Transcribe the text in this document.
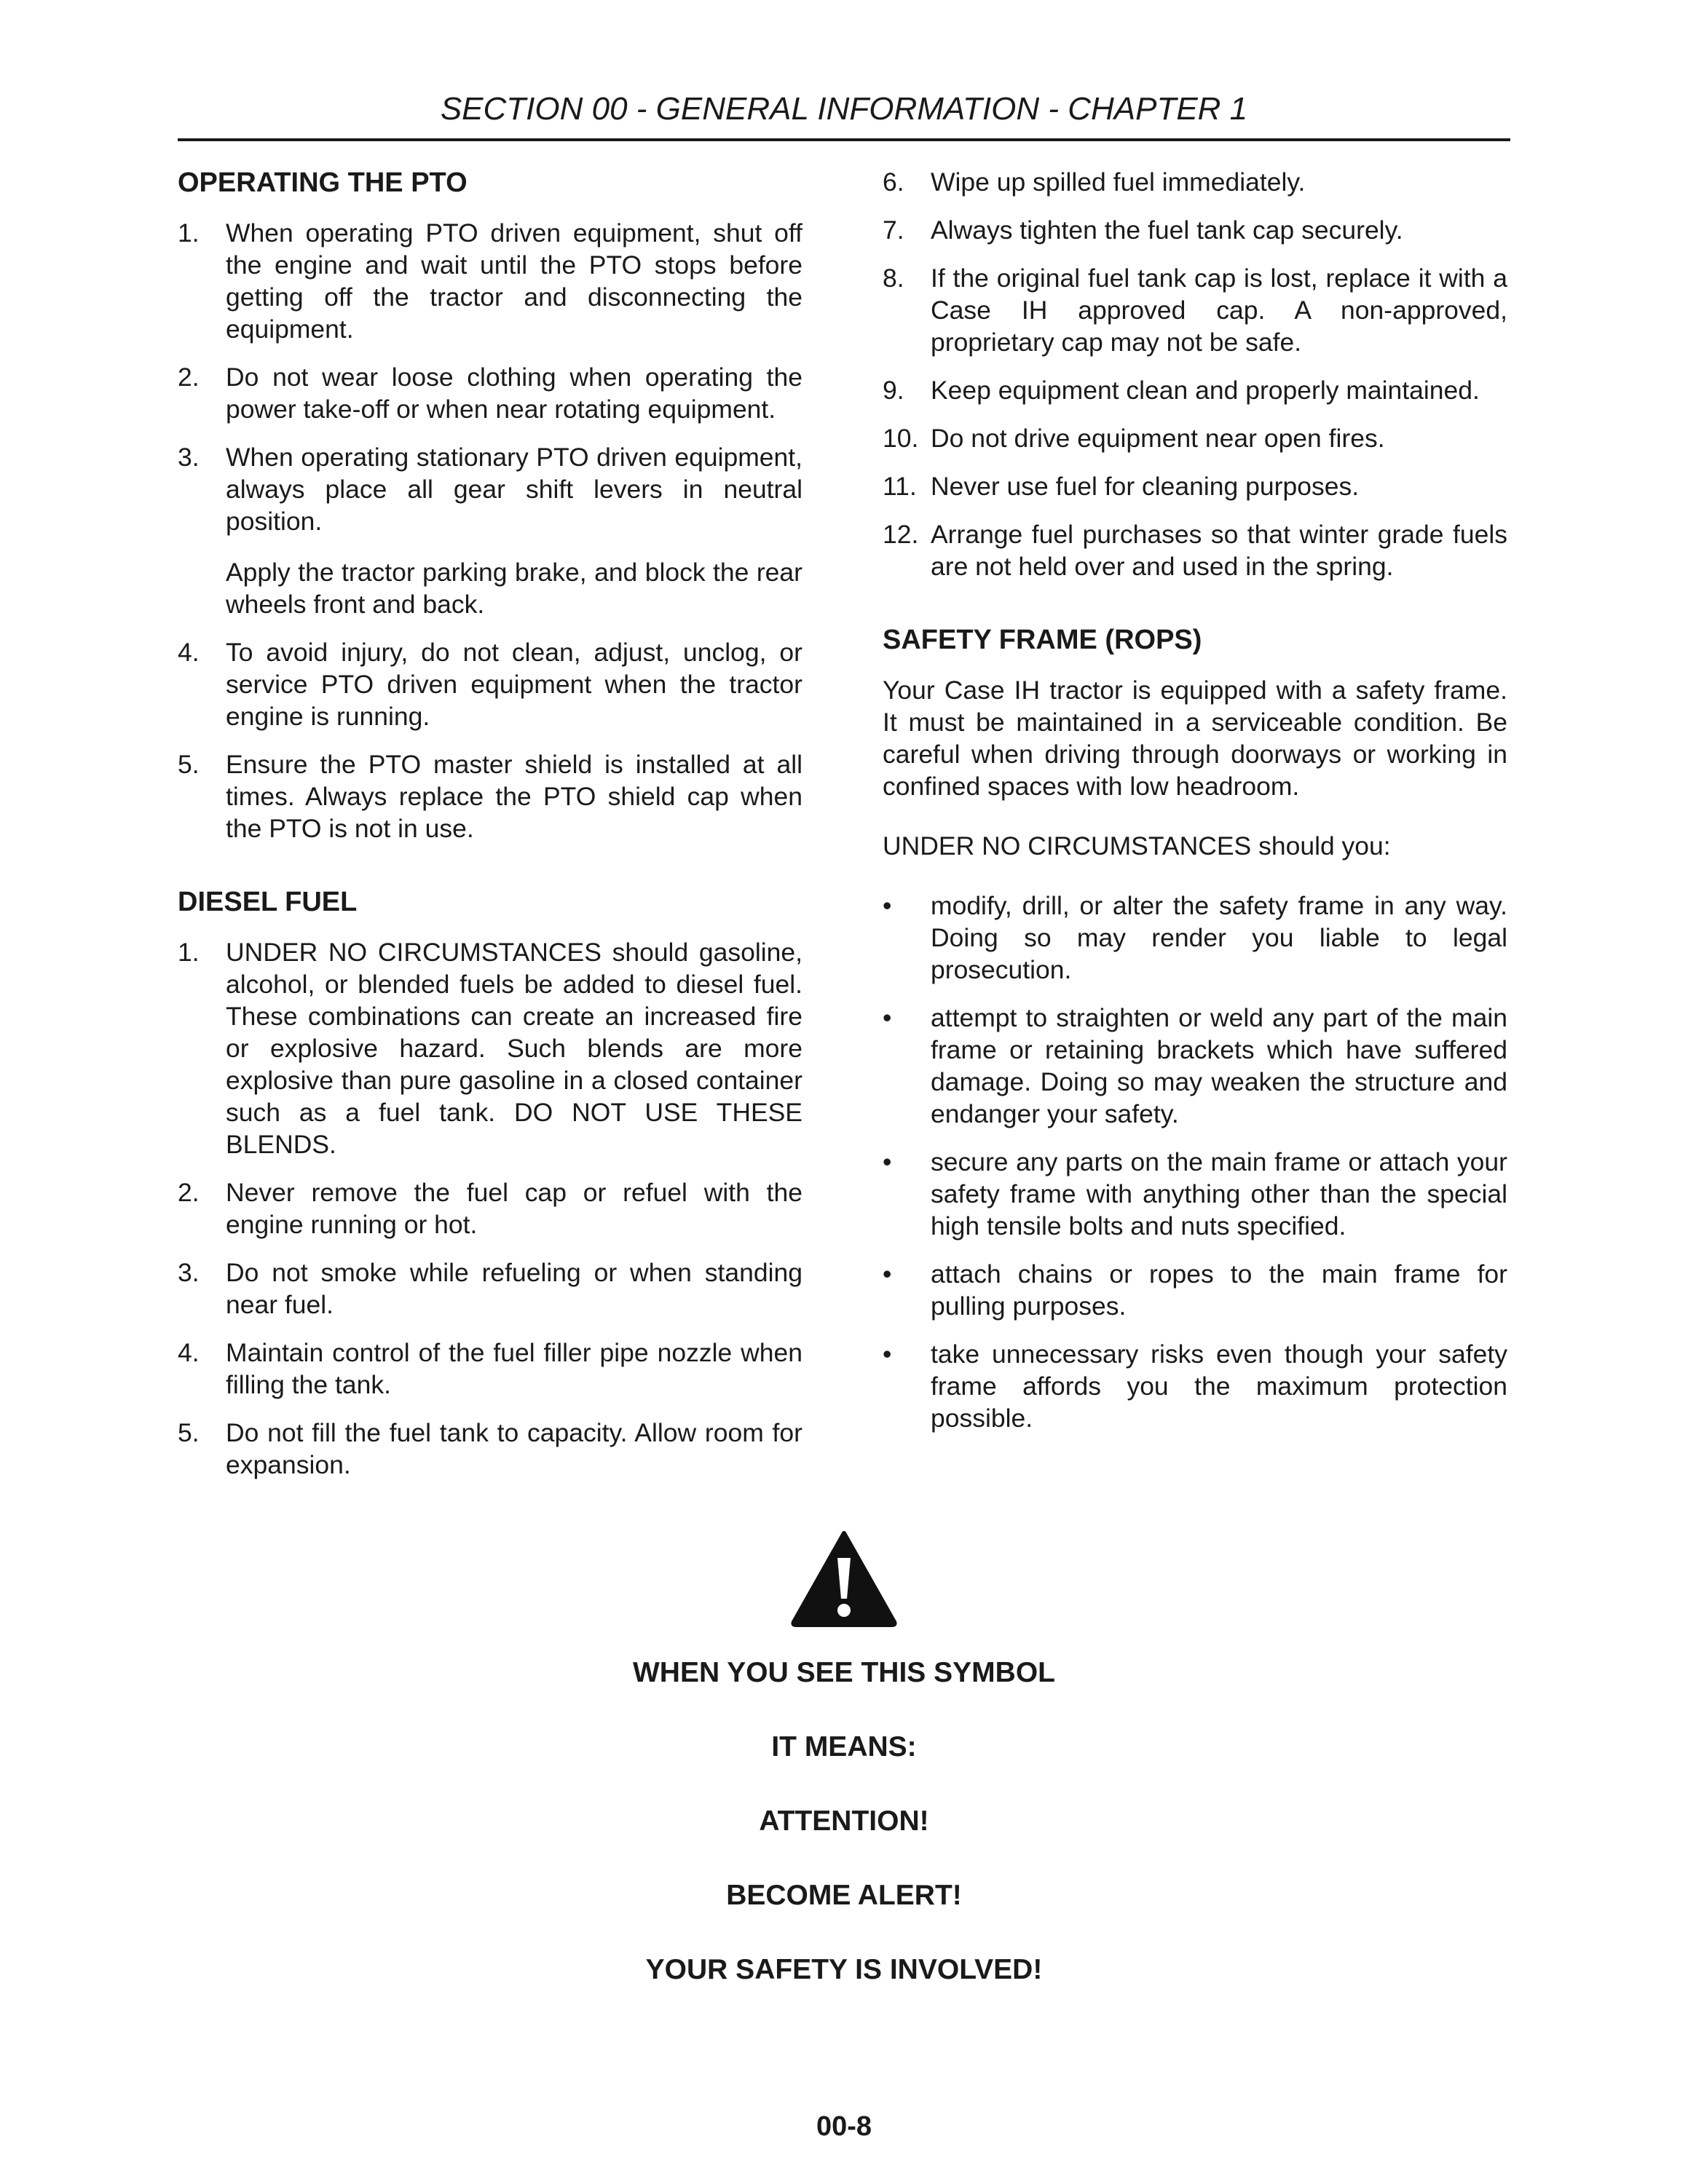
SECTION 00 - GENERAL INFORMATION - CHAPTER 1
OPERATING THE PTO
1. When operating PTO driven equipment, shut off the engine and wait until the PTO stops before getting off the tractor and disconnecting the equipment.

2. Do not wear loose clothing when operating the power take-off or when near rotating equipment.

3. When operating stationary PTO driven equipment, always place all gear shift levers in neutral position.

Apply the tractor parking brake, and block the rear wheels front and back.

4. To avoid injury, do not clean, adjust, unclog, or service PTO driven equipment when the tractor engine is running.

5. Ensure the PTO master shield is installed at all times. Always replace the PTO shield cap when the PTO is not in use.

DIESEL FUEL
1. UNDER NO CIRCUMSTANCES should gasoline, alcohol, or blended fuels be added to diesel fuel. These combinations can create an increased fire or explosive hazard. Such blends are more explosive than pure gasoline in a closed container such as a fuel tank. DO NOT USE THESE BLENDS.

2. Never remove the fuel cap or refuel with the engine running or hot.

3. Do not smoke while refueling or when standing near fuel.

4. Maintain control of the fuel filler pipe nozzle when filling the tank.

5. Do not fill the fuel tank to capacity. Allow room for expansion.

6. Wipe up spilled fuel immediately.

7. Always tighten the fuel tank cap securely.

8. If the original fuel tank cap is lost, replace it with a Case IH approved cap. A non-approved, proprietary cap may not be safe.

9. Keep equipment clean and properly maintained.

10. Do not drive equipment near open fires.

11. Never use fuel for cleaning purposes.

12. Arrange fuel purchases so that winter grade fuels are not held over and used in the spring.

SAFETY FRAME (ROPS)

Your Case IH tractor is equipped with a safety frame. It must be maintained in a serviceable condition. Be careful when driving through doorways or working in confined spaces with low headroom.

UNDER NO CIRCUMSTANCES should you:

• modify, drill, or alter the safety frame in any way. Doing so may render you liable to legal prosecution.

• attempt to straighten or weld any part of the main frame or retaining brackets which have suffered damage. Doing so may weaken the structure and endanger your safety.

• secure any parts on the main frame or attach your safety frame with anything other than the special high tensile bolts and nuts specified.

• attach chains or ropes to the main frame for pulling purposes.

• take unnecessary risks even though your safety frame affords you the maximum protection possible.

WHEN YOU SEE THIS SYMBOL

IT MEANS:

ATTENTION!

BECOME ALERT!

YOUR SAFETY IS INVOLVED!

00-8
